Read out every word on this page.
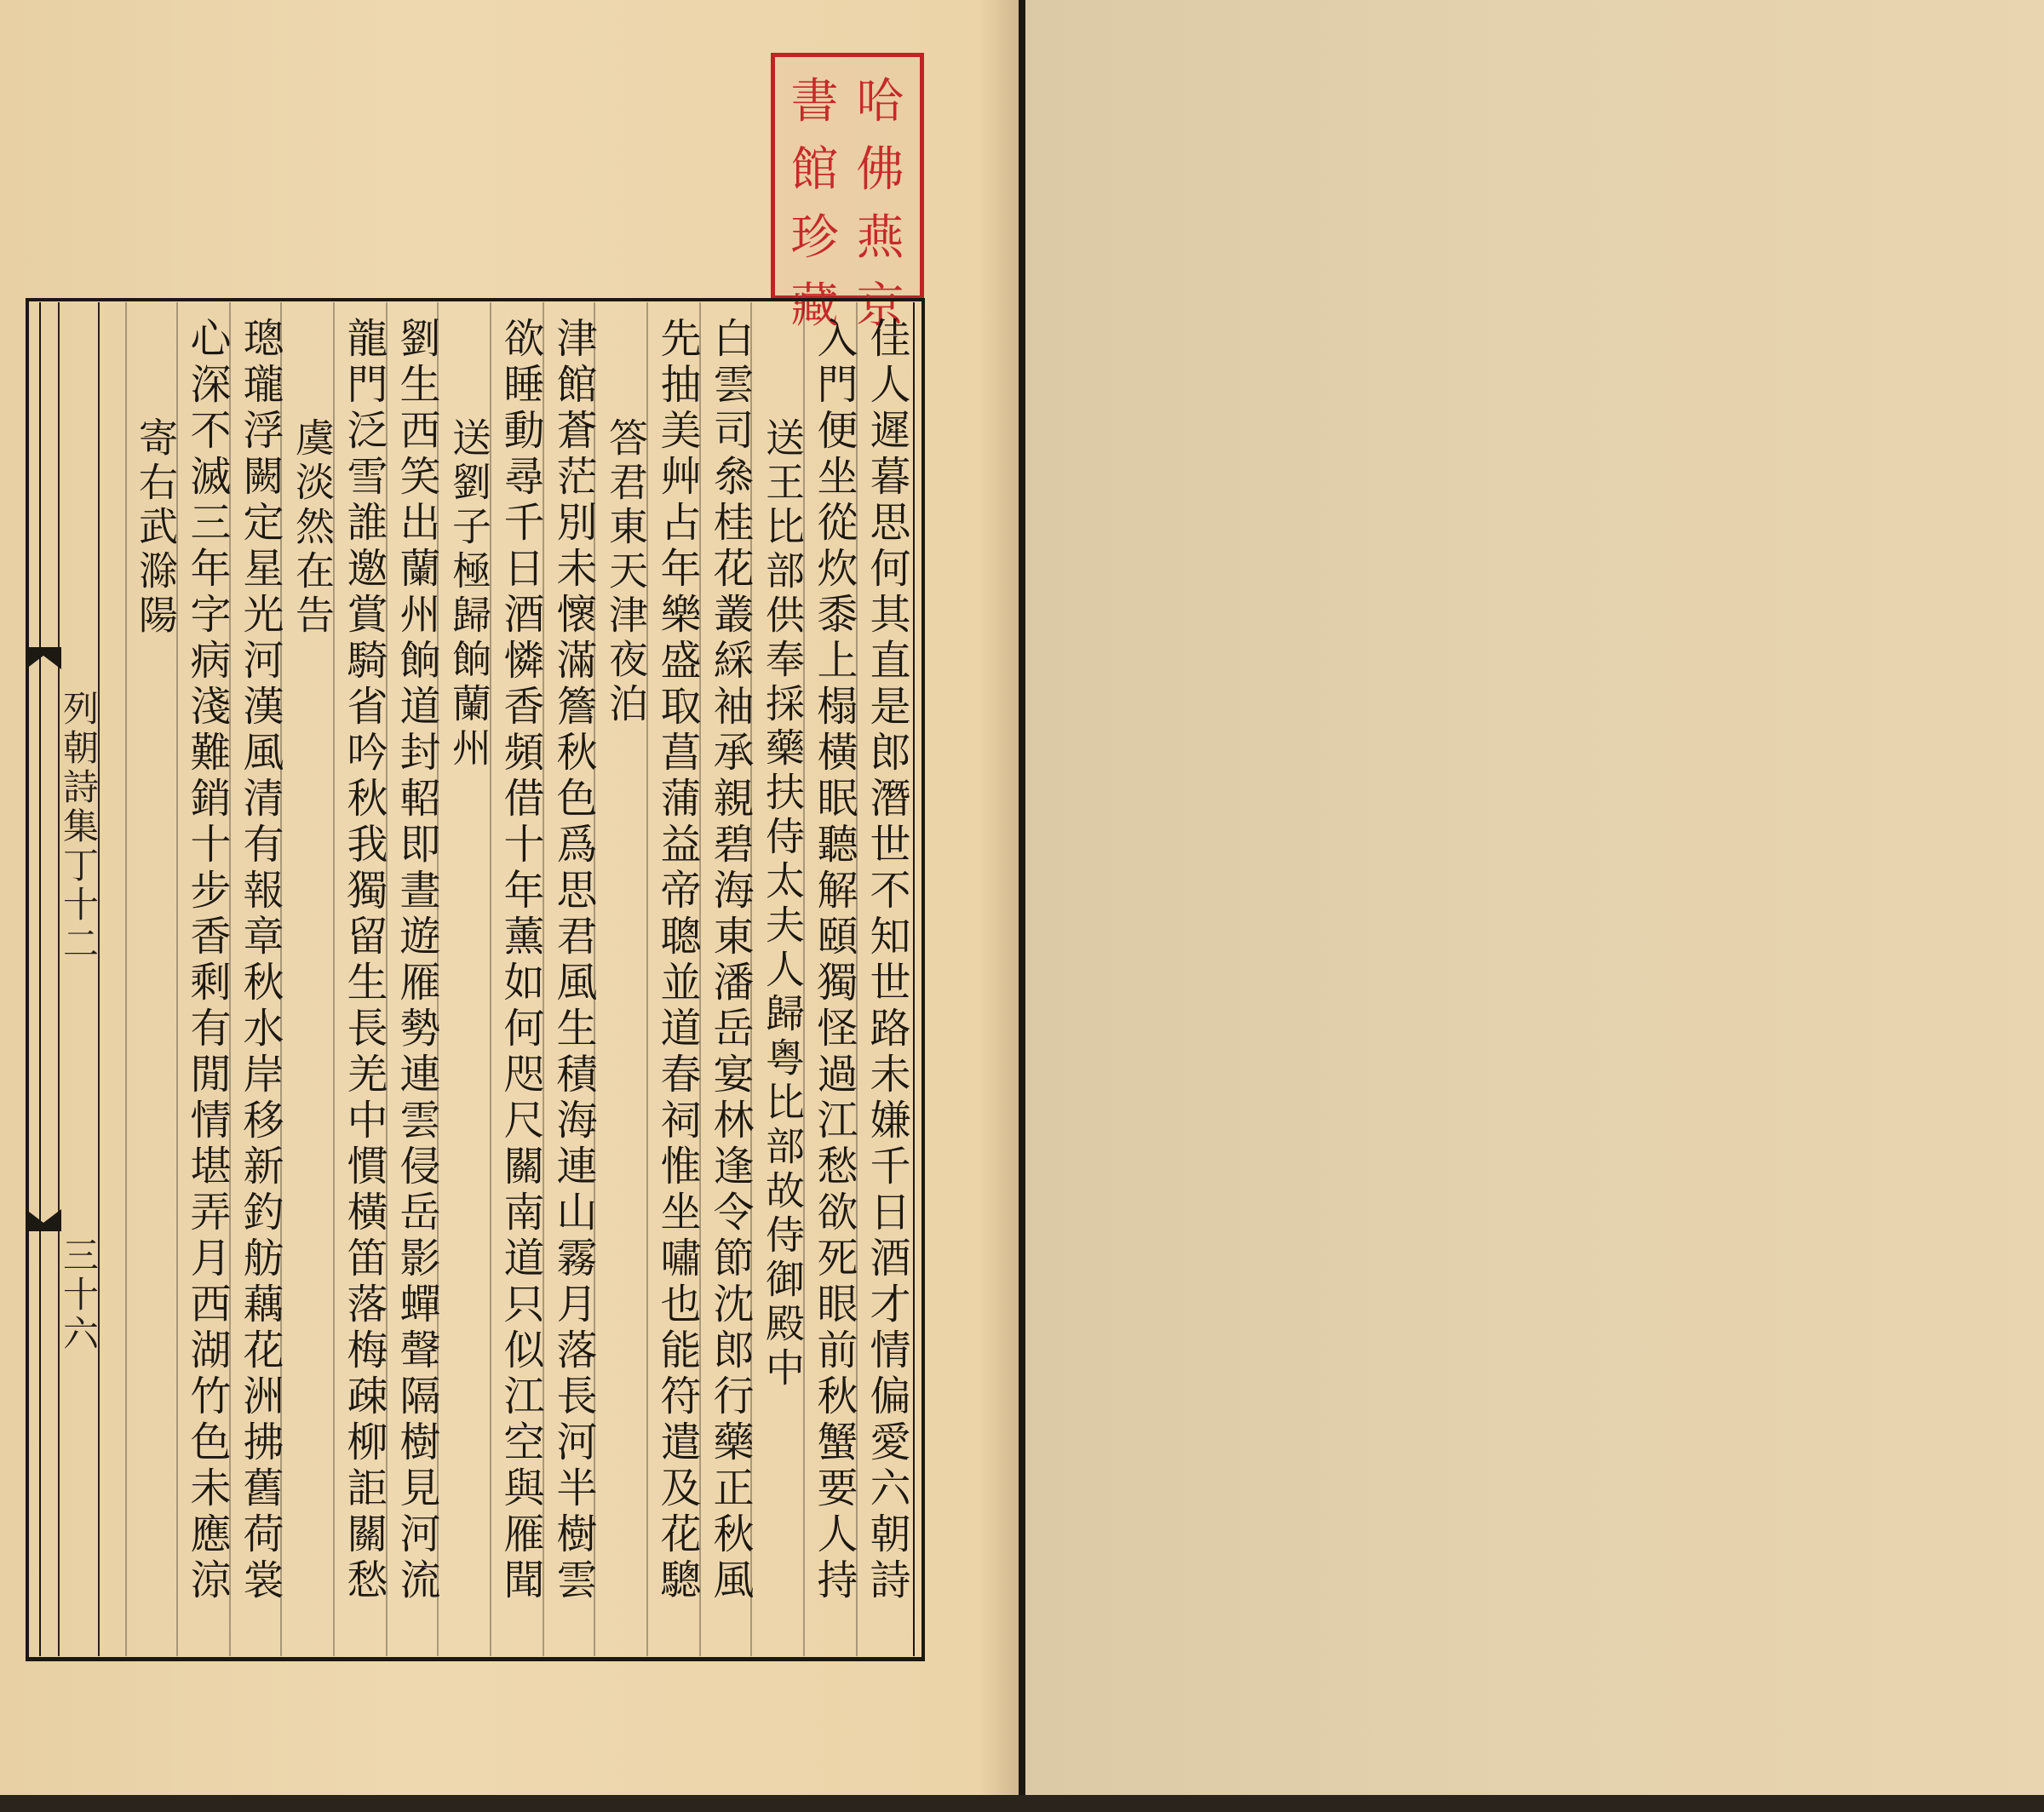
書 哈
館 佛
珍 燕
藏 京
列朝詩集丁十二
三十六	佳人遲暮思何其直是郎潛世不知世路未嫌千日酒才情偏愛六朝詩
入門便坐從炊黍上榻橫眠聽解頤獨怪過江愁欲死眼前秋蟹要人持
送王比部供奉採藥扶侍太夫人歸粤比部故侍御殿中
白雲司叅桂花叢綵袖承親碧海東潘岳宴林逢令節沈郎行藥正秋風
先抽美艸占年樂盛取菖蒲益帝聰並道春祠惟坐嘯也能符遣及花驄
答君東天津夜泊
津館蒼茫別未懷滿簷秋色爲思君風生積海連山霧月落長河半樹雲
欲睡動尋千日酒憐香頻借十年薰如何咫尺關南道只似江空與雁聞
送劉子極歸餉蘭州
劉生西笑出蘭州餉道封軺即晝遊雁勢連雲侵岳影蟬聲隔樹見河流
龍門泛雪誰邀賞騎省吟秋我獨留生長羌中慣橫笛落梅疎柳詎關愁
虞淡然在告
璁瓏浮闕定星光河漢風清有報章秋水岸移新釣舫藕花洲拂舊荷裳
心深不滅三年字病淺難銷十步香剩有閒情堪弄月西湖竹色未應涼
寄右武滁陽
